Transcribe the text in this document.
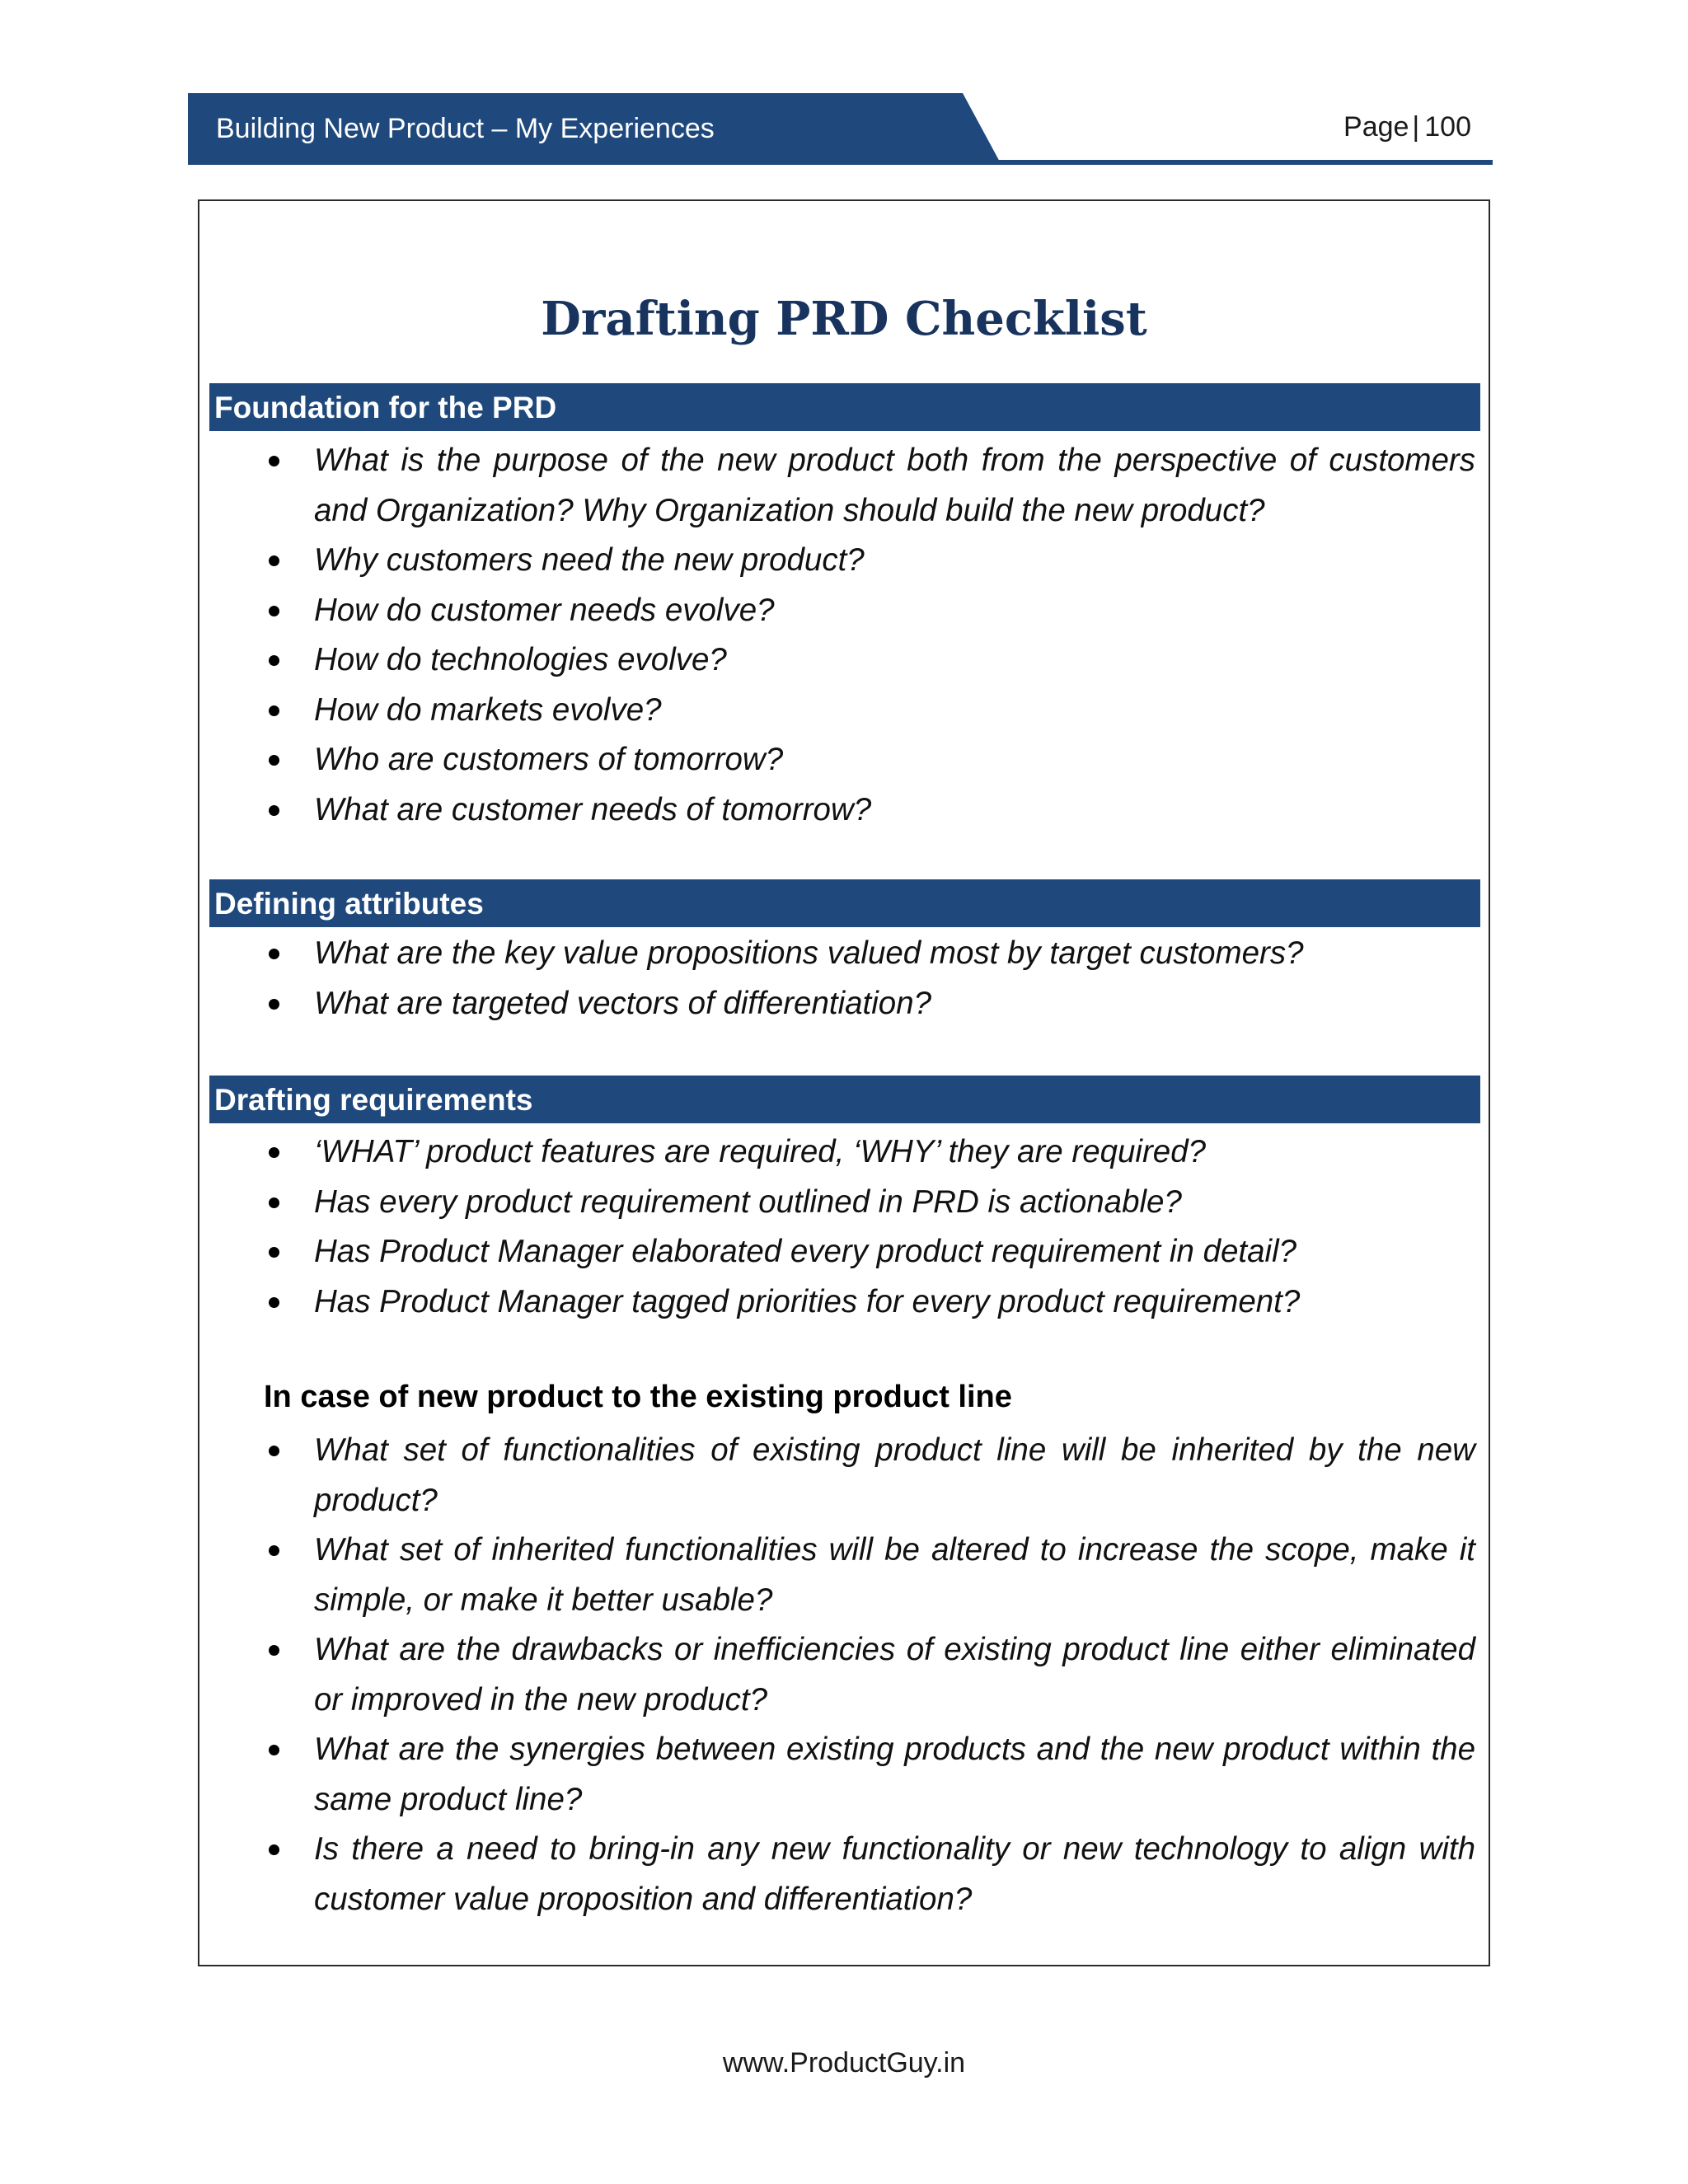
Building New Product – My Experiences	Page | 100
Drafting PRD Checklist
Foundation for the PRD
What is the purpose of the new product both from the perspective of customers and Organization? Why Organization should build the new product?
Why customers need the new product?
How do customer needs evolve?
How do technologies evolve?
How do markets evolve?
Who are customers of tomorrow?
What are customer needs of tomorrow?
Defining attributes
What are the key value propositions valued most by target customers?
What are targeted vectors of differentiation?
Drafting requirements
‘WHAT’ product features are required, ‘WHY’ they are required?
Has every product requirement outlined in PRD is actionable?
Has Product Manager elaborated every product requirement in detail?
Has Product Manager tagged priorities for every product requirement?
In case of new product to the existing product line
What set of functionalities of existing product line will be inherited by the new product?
What set of inherited functionalities will be altered to increase the scope, make it simple, or make it better usable?
What are the drawbacks or inefficiencies of existing product line either eliminated or improved in the new product?
What are the synergies between existing products and the new product within the same product line?
Is there a need to bring-in any new functionality or new technology to align with customer value proposition and differentiation?
www.ProductGuy.in
